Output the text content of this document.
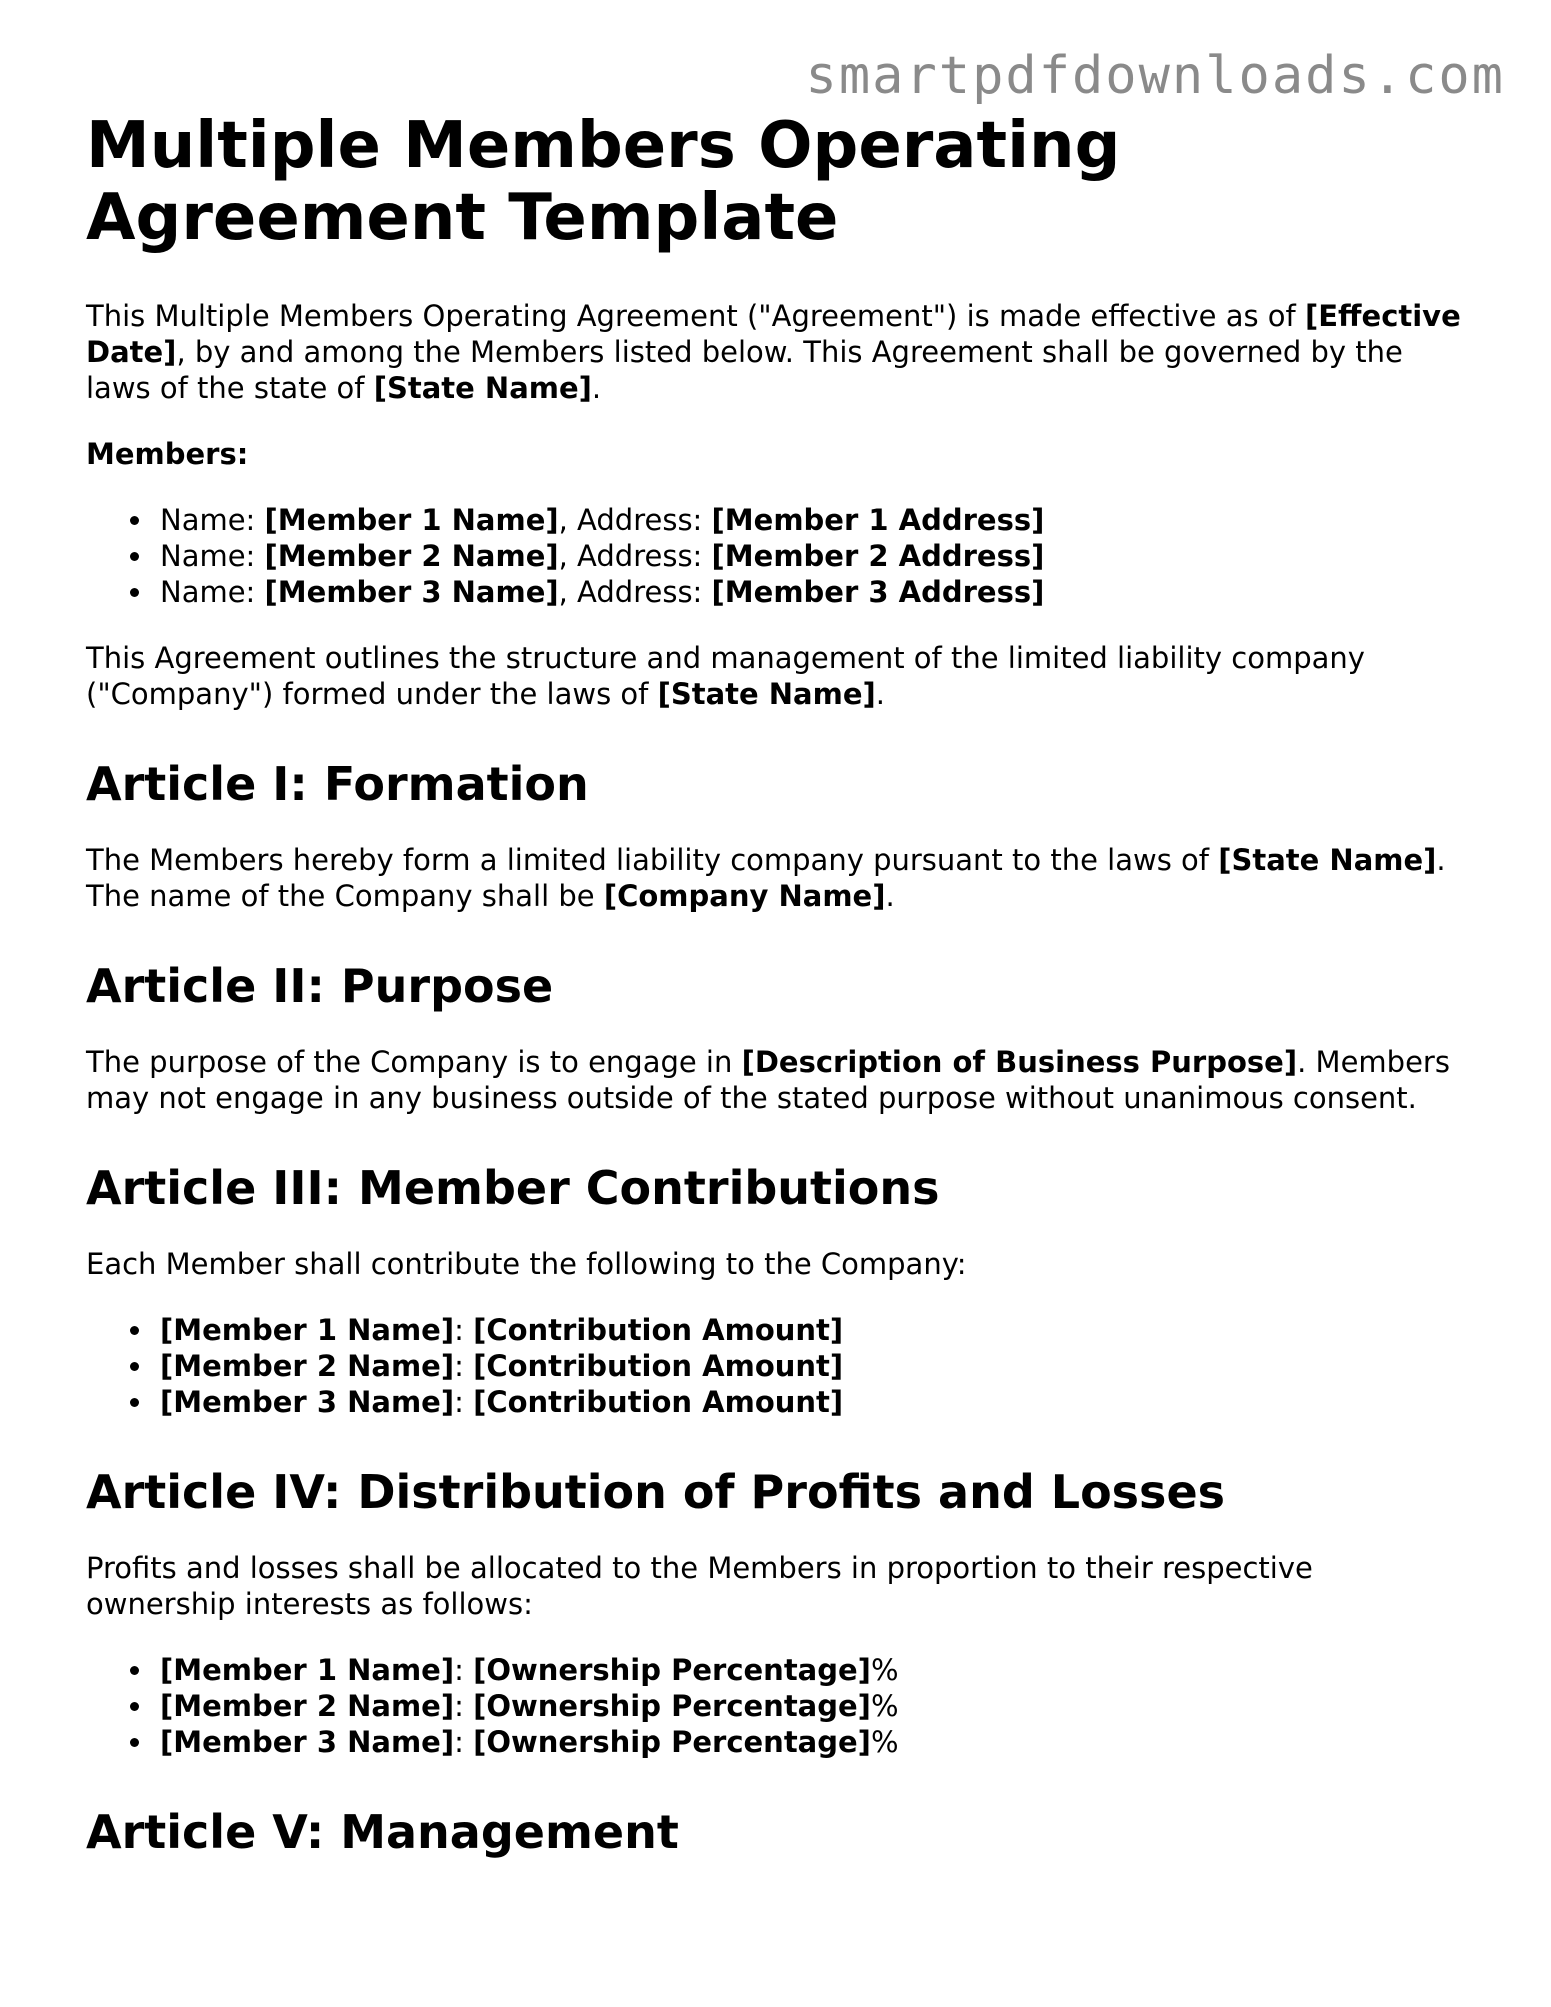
smartpdfdownloads.com
Multiple Members Operating Agreement Template

This Multiple Members Operating Agreement ("Agreement") is made effective as of [Effective Date], by and among the Members listed below. This Agreement shall be governed by the laws of the state of [State Name].

Members:

Name: [Member 1 Name], Address: [Member 1 Address]
Name: [Member 2 Name], Address: [Member 2 Address]
Name: [Member 3 Name], Address: [Member 3 Address]

This Agreement outlines the structure and management of the limited liability company ("Company") formed under the laws of [State Name].

Article I: Formation

The Members hereby form a limited liability company pursuant to the laws of [State Name]. The name of the Company shall be [Company Name].

Article II: Purpose

The purpose of the Company is to engage in [Description of Business Purpose]. Members may not engage in any business outside of the stated purpose without unanimous consent.

Article III: Member Contributions

Each Member shall contribute the following to the Company:

[Member 1 Name]: [Contribution Amount]
[Member 2 Name]: [Contribution Amount]
[Member 3 Name]: [Contribution Amount]
Article IV: Distribution of Profits and Losses

Profits and losses shall be allocated to the Members in proportion to their respective ownership interests as follows:

[Member 1 Name]: [Ownership Percentage]%
[Member 2 Name]: [Ownership Percentage]%
[Member 3 Name]: [Ownership Percentage]%
Article V: Management
